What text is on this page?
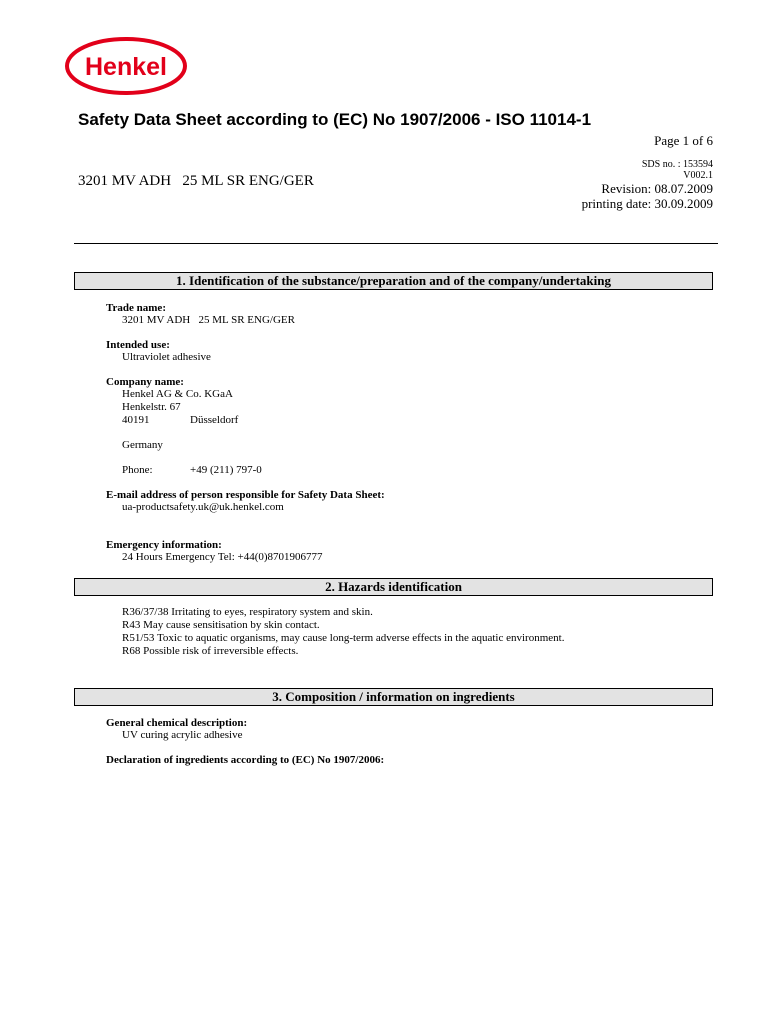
Henkel
Safety Data Sheet according to (EC) No 1907/2006 - ISO 11014-1
Page 1 of 6
SDS no. : 153594
V002.1
3201 MV ADH   25 ML SR ENG/GER	Revision: 08.07.2009
printing date: 30.09.2009
1. Identification of the substance/preparation and of the company/undertaking
Trade name:
3201 MV ADH   25 ML SR ENG/GER
Intended use:
Ultraviolet adhesive
Company name:
Henkel AG & Co. KGaA
Henkelstr. 67
40191	Düsseldorf
Germany
Phone:	+49 (211) 797-0
E-mail address of person responsible for Safety Data Sheet:
ua-productsafety.uk@uk.henkel.com
Emergency information:
24 Hours Emergency Tel: +44(0)8701906777
2. Hazards identification
R36/37/38 Irritating to eyes, respiratory system and skin.
R43 May cause sensitisation by skin contact.
R51/53 Toxic to aquatic organisms, may cause long-term adverse effects in the aquatic environment.
R68 Possible risk of irreversible effects.
3. Composition / information on ingredients
General chemical description:
UV curing acrylic adhesive
Declaration of ingredients according to (EC) No 1907/2006:
